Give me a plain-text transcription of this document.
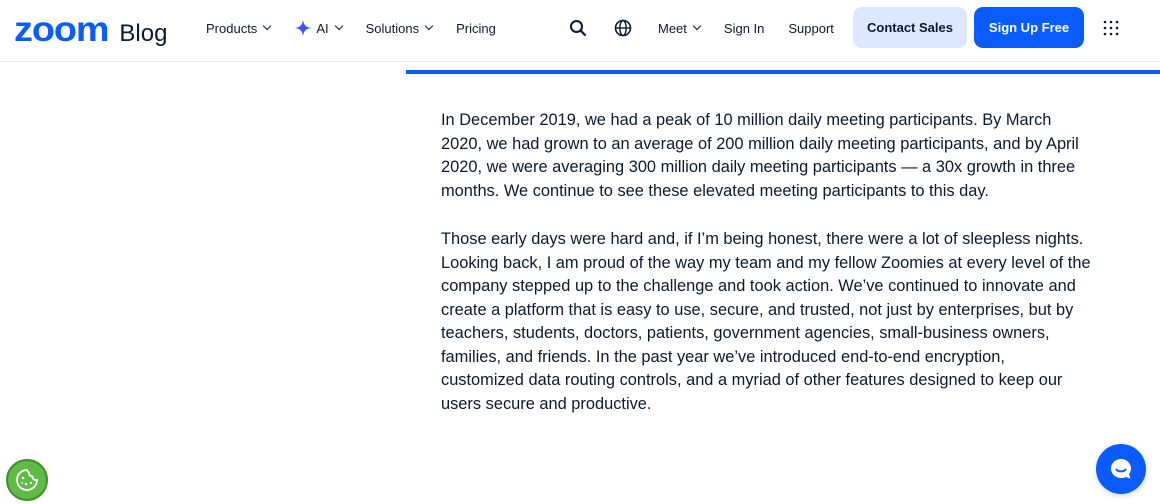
zoom Blog	Products	AI	Solutions	Pricing	Meet	Sign In Support	Contact Sales	Sign Up Free

In December 2019, we had a peak of 10 million daily meeting participants. By March 2020, we had grown to an average of 200 million daily meeting participants, and by April 2020, we were averaging 300 million daily meeting participants — a 30x growth in three months. We continue to see these elevated meeting participants to this day.

Those early days were hard and, if I’m being honest, there were a lot of sleepless nights. Looking back, I am proud of the way my team and my fellow Zoomies at every level of the company stepped up to the challenge and took action. We’ve continued to innovate and create a platform that is easy to use, secure, and trusted, not just by enterprises, but by teachers, students, doctors, patients, government agencies, small-business owners, families, and friends. In the past year we’ve introduced end-to-end encryption, customized data routing controls, and a myriad of other features designed to keep our users secure and productive.
